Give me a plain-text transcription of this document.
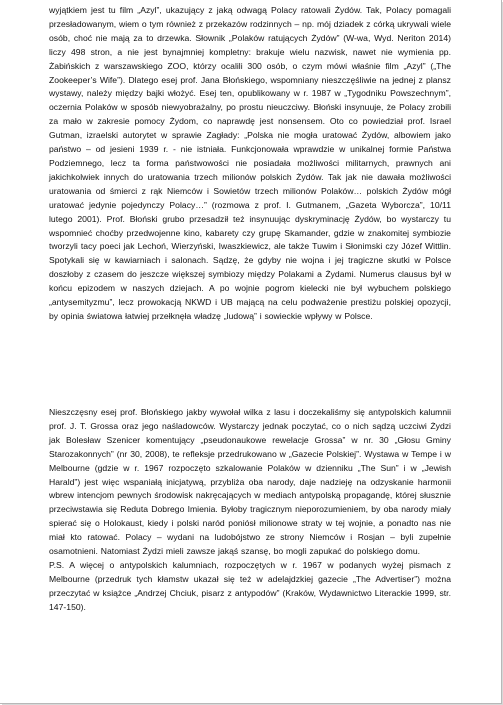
wyjątkiem jest tu film „Azyl”, ukazujący z jaką odwagą Polacy ratowali Żydów. Tak, Polacy pomagali przesładowanym, wiem o tym również z przekazów rodzinnych – np. mój dziadek z córką ukrywali wiele osób, choć nie mają za to drzewka. Słownik „Polaków ratujących Żydów” (W-wa, Wyd. Neriton 2014) liczy 498 stron, a nie jest bynajmniej kompletny: brakuje wielu nazwisk, nawet nie wymienia pp. Żabińskich z warszawskiego ZOO, którzy ocalili 300 osób, o czym mówi właśnie film „Azyl” („The Zookeeper’s Wife”). Dlatego esej prof. Jana Błońskiego, wspomniany nieszczęśliwie na jednej z plansz wystawy, należy między bajki włożyć. Esej ten, opublikowany w r. 1987 w „Tygodniku Powszechnym”, oczernia Polaków w sposób niewyobrażalny, po prostu nieuczciwy. Błoński insynuuje, że Polacy zrobili za mało w zakresie pomocy Żydom, co naprawdę jest nonsensem. Oto co powiedział prof. Israel Gutman, izraelski autorytet w sprawie Zagłady: „Polska nie mogła uratować Żydów, albowiem jako państwo – od jesieni 1939 r. - nie istniała. Funkcjonowała wprawdzie w unikalnej formie Państwa Podziemnego, lecz ta forma państwowości nie posiadała możliwości militarnych, prawnych ani jakichkolwiek innych do uratowania trzech milionów polskich Żydów. Tak jak nie dawała możliwości uratowania od śmierci z rąk Niemców i Sowietów trzech milionów Polaków… polskich Żydów mógł uratować jedynie pojedynczy Polacy…” (rozmowa z prof. I. Gutmanem, „Gazeta Wyborcza”, 10/11 lutego 2001). Prof. Błoński grubo przesadził też insynuując dyskryminację Żydów, bo wystarczy tu wspomnieć choćby przedwojenne kino, kabarety czy grupę Skamander, gdzie w znakomitej symbiozie tworzyli tacy poeci jak Lechoń, Wierzyński, Iwaszkiewicz, ale także Tuwim i Słonimski czy Józef Wittlin. Spotykali się w kawiarniach i salonach. Sądzę, że gdyby nie wojna i jej tragiczne skutki w Polsce doszłoby z czasem do jeszcze większej symbiozy między Polakami a Żydami. Numerus clausus był w końcu epizodem w naszych dziejach. A po wojnie pogrom kielecki nie był wybuchem polskiego „antysemityzmu”, lecz prowokacją NKWD i UB mającą na celu podważenie prestiżu polskiej opozycji, by opinia światowa łatwiej przełknęła władzę „ludową” i sowieckie wpływy w Polsce.

Nieszczęsny esej prof. Błońskiego jakby wywołał wilka z lasu i doczekaliśmy się antypolskich kalumnii prof. J. T. Grossa oraz jego naśladowców. Wystarczy jednak poczytać, co o nich sądzą uczciwi Żydzi jak Bolesław Szenicer komentujący „pseudonaukowe rewelacje Grossa” w nr. 30 „Głosu Gminy Starozakonnych” (nr 30, 2008), te refleksje przedrukowano w „Gazecie Polskiej”. Wystawa w Tempe i w Melbourne (gdzie w r. 1967 rozpoczęto szkalowanie Polaków w dzienniku „The Sun” i w „Jewish Harald”) jest więc wspaniałą inicjatywą, przybliża oba narody, daje nadzieję na odzyskanie harmonii wbrew intencjom pewnych środowisk nakręcających w mediach antypolską propagandę, której słusznie przeciwstawia się Reduta Dobrego Imienia. Byłoby tragicznym nieporozumieniem, by oba narody miały spierać się o Holokaust, kiedy i polski naród poniósł milionowe straty w tej wojnie, a ponadto nas nie miał kto ratować. Polacy – wydani na ludobójstwo ze strony Niemców i Rosjan – byli zupełnie osamotnieni. Natomiast Żydzi mieli zawsze jakąś szansę, bo mogli zapukać do polskiego domu.

P.S. A więcej o antypolskich kalumniach, rozpoczętych w r. 1967 w podanych wyżej pismach z Melbourne (przedruk tych kłamstw ukazał się też w adelajdzkiej gazecie „The Advertiser”) można przeczytać w książce „Andrzej Chciuk, pisarz z antypodów” (Kraków, Wydawnictwo Literackie 1999, str. 147-150).
